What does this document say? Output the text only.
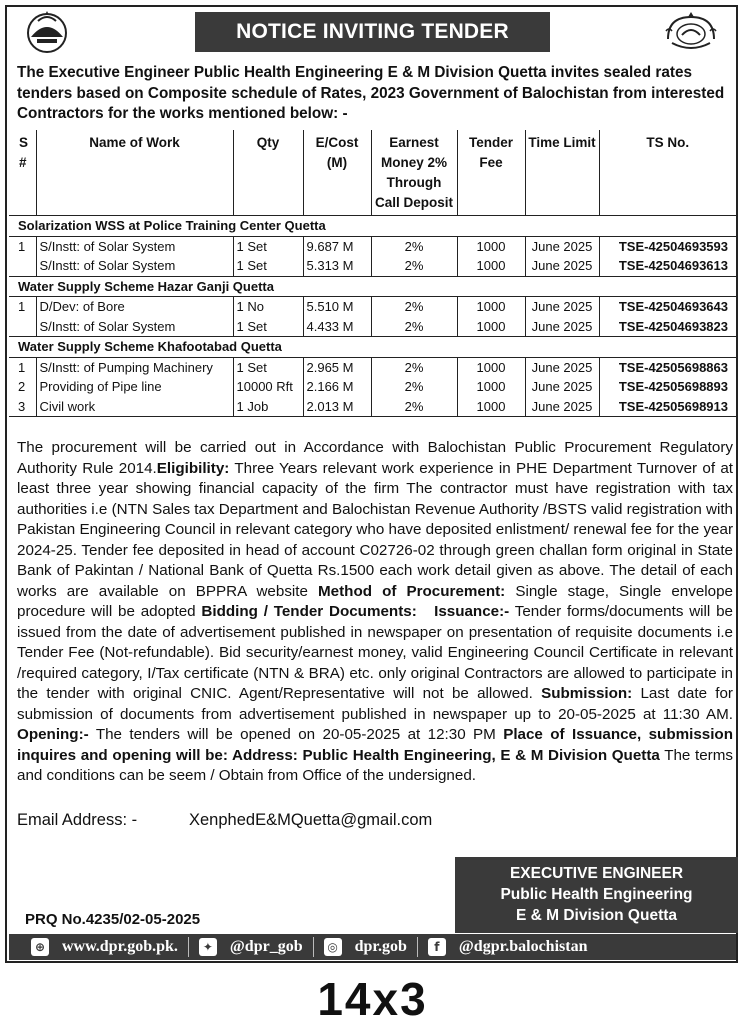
NOTICE INVITING TENDER
The Executive Engineer Public Health Engineering E & M Division Quetta invites sealed rates tenders based on Composite schedule of Rates, 2023 Government of Balochistan from interested Contractors for the works mentioned below: -
S #	Name of Work	Qty	E/Cost (M)	Earnest Money 2% Through Call Deposit	Tender Fee	Time Limit	TS No.
Solarization WSS at Police Training Center Quetta							
1	S/Instt: of Solar System	1 Set	9.687 M	2%	1000	June 2025	TSE-42504693593
	S/Instt: of Solar System	1 Set	5.313 M	2%	1000	June 2025	TSE-42504693613
Water Supply Scheme Hazar Ganji Quetta							
1	D/Dev: of Bore	1 No	5.510 M	2%	1000	June 2025	TSE-42504693643
	S/Instt: of Solar System	1 Set	4.433 M	2%	1000	June 2025	TSE-42504693823
Water Supply Scheme Khafootabad Quetta							
1	S/Instt: of Pumping Machinery	1 Set	2.965 M	2%	1000	June 2025	TSE-42505698863
2	Providing of Pipe line	10000 Rft	2.166 M	2%	1000	June 2025	TSE-42505698893
3	Civil work	1 Job	2.013 M	2%	1000	June 2025	TSE-42505698913
The procurement will be carried out in Accordance with Balochistan Public Procurement Regulatory Authority Rule 2014.Eligibility: Three Years relevant work experience in PHE Department Turnover of at least three year showing financial capacity of the firm The contractor must have registration with tax authorities i.e (NTN Sales tax Department and Balochistan Revenue Authority /BSTS valid registration with Pakistan Engineering Council in relevant category who have deposited enlistment/ renewal fee for the year 2024-25. Tender fee deposited in head of account C02726-02 through green challan form original in State Bank of Pakintan / National Bank of Quetta Rs.1500 each work detail given as above. The detail of each works are available on BPPRA website Method of Procurement: Single stage, Single envelope procedure will be adopted Bidding / Tender Documents: Issuance:- Tender forms/documents will be issued from the date of advertisement published in newspaper on presentation of requisite documents i.e Tender Fee (Not-refundable). Bid security/earnest money, valid Engineering Council Certificate in relevant /required category, I/Tax certificate (NTN & BRA) etc. only original Contractors are allowed to participate in the tender with original CNIC. Agent/Representative will not be allowed. Submission: Last date for submission of documents from advertisement published in newspaper up to 20-05-2025 at 11:30 AM. Opening:- The tenders will be opened on 20-05-2025 at 12:30 PM Place of Issuance, submission inquires and opening will be: Address: Public Health Engineering, E & M Division Quetta The terms and conditions can be seem / Obtain from Office of the undersigned.
Email Address: -	XenphedE&MQuetta@gmail.com
EXECUTIVE ENGINEER
Public Health Engineering
E & M Division Quetta
PRQ No.4235/02-05-2025
⊕ www.dpr.gob.pk.	✦ @dpr_gob	◎ dpr.gob	f	@dgpr.balochistan
14x3
